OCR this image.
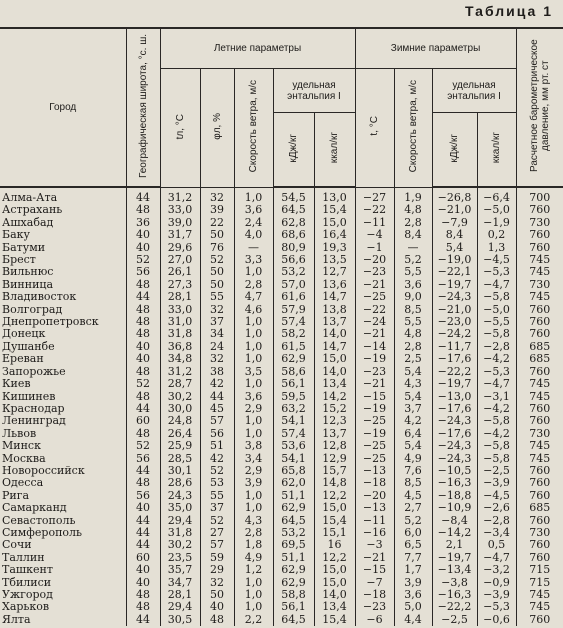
Таблица 1
Город	Географическая широта, °с. ш.	Летние параметры					Зимние параметры				Расчетное барометрическое давление, мм рт. ст
		tл, °С	φл, %	Скорость ветра, м/с	удельная энтальпия I		t, °С	Скорость ветра, м/с	удельная энтальпия I		
					кДж/кг	ккал/кг			кДж/кг	ккал/кг	
Алма-Ата	44	31,2	32	1,0	54,5	13,0	−27	1,9	−26,8	−6,4	700
Астрахань	48	33,0	39	3,6	64,5	15,4	−22	4,8	−21,0	−5,0	760
Ашхабад	36	39,0	22	2,4	62,8	15,0	−11	2,8	−7,9	−1,9	730
Баку	40	31,7	50	4,0	68,6	16,4	−4	8,4	8,4	0,2	760
Батуми	40	29,6	76	—	80,9	19,3	−1	—	5,4	1,3	760
Брест	52	27,0	52	3,3	56,6	13,5	−20	5,2	−19,0	−4,5	745
Вильнюс	56	26,1	50	1,0	53,2	12,7	−23	5,5	−22,1	−5,3	745
Винница	48	27,3	50	2,8	57,0	13,6	−21	3,6	−19,7	−4,7	730
Владивосток	44	28,1	55	4,7	61,6	14,7	−25	9,0	−24,3	−5,8	745
Волгоград	48	33,0	32	4,6	57,9	13,8	−22	8,5	−21,0	−5,0	760
Днепропетровск	48	31,0	37	1,0	57,4	13,7	−24	5,5	−23,0	−5,5	760
Донецк	48	31,8	34	1,0	58,2	14,0	−21	4,8	−24,2	−5,8	760
Душанбе	40	36,8	24	1,0	61,5	14,7	−14	2,8	−11,7	−2,8	685
Ереван	40	34,8	32	1,0	62,9	15,0	−19	2,5	−17,6	−4,2	685
Запорожье	48	31,2	38	3,5	58,6	14,0	−23	5,4	−22,2	−5,3	760
Киев	52	28,7	42	1,0	56,1	13,4	−21	4,3	−19,7	−4,7	745
Кишинев	48	30,2	44	3,6	59,5	14,2	−15	5,4	−13,0	−3,1	745
Краснодар	44	30,0	45	2,9	63,2	15,2	−19	3,7	−17,6	−4,2	760
Ленинград	60	24,8	57	1,0	54,1	12,3	−25	4,2	−24,3	−5,8	760
Львов	48	26,4	56	1,0	57,4	13,7	−19	6,4	−17,6	−4,2	730
Минск	52	25,9	51	3,8	53,6	12,8	−25	5,4	−24,3	−5,8	745
Москва	56	28,5	42	3,4	54,1	12,9	−25	4,9	−24,3	−5,8	745
Новороссийск	44	30,1	52	2,9	65,8	15,7	−13	7,6	−10,5	−2,5	760
Одесса	48	28,6	53	3,9	62,0	14,8	−18	8,5	−16,3	−3,9	760
Рига	56	24,3	55	1,0	51,1	12,2	−20	4,5	−18,8	−4,5	760
Самарканд	40	35,0	37	1,0	62,9	15,0	−13	2,7	−10,9	−2,6	685
Севастополь	44	29,4	52	4,3	64,5	15,4	−11	5,2	−8,4	−2,8	760
Симферополь	44	31,8	27	2,8	53,2	15,1	−16	6,0	−14,2	−3,4	730
Сочи	44	30,2	57	1,8	69,5	16	−3	6,5	2,1	0,5	760
Таллин	60	23,5	59	4,9	51,1	12,2	−21	7,7	−19,7	−4,7	760
Ташкент	40	35,7	29	1,2	62,9	15,0	−15	1,7	−13,4	−3,2	715
Тбилиси	40	34,7	32	1,0	62,9	15,0	−7	3,9	−3,8	−0,9	715
Ужгород	48	28,1	50	1,0	58,8	14,0	−18	3,6	−16,3	−3,9	745
Харьков	48	29,4	40	1,0	56,1	13,4	−23	5,0	−22,2	−5,3	745
Ялта	44	30,5	48	2,2	64,5	15,4	−6	4,4	−2,5	−0,6	760
